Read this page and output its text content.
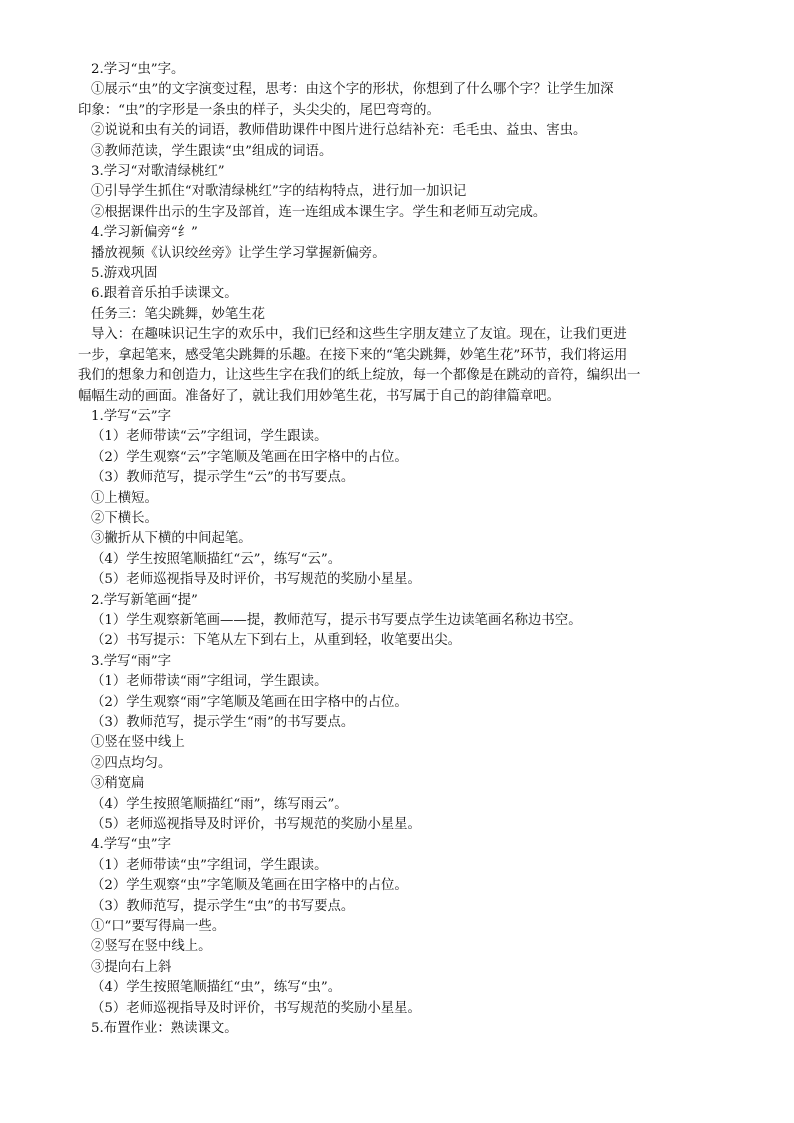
2.学习“虫”字。
①展示“虫”的文字演变过程，思考：由这个字的形状，你想到了什么哪个字？让学生加深
印象：“虫”的字形是一条虫的样子，头尖尖的，尾巴弯弯的。
②说说和虫有关的词语，教师借助课件中图片进行总结补充：毛毛虫、益虫、害虫。
③教师范读，学生跟读“虫”组成的词语。
3.学习“对歌清绿桃红”
①引导学生抓住“对歌清绿桃红”字的结构特点，进行加一加识记
②根据课件出示的生字及部首，连一连组成本课生字。学生和老师互动完成。
4.学习新偏旁“纟”
播放视频《认识绞丝旁》让学生学习掌握新偏旁。
5.游戏巩固
6.跟着音乐拍手读课文。
任务三：笔尖跳舞，妙笔生花
导入：在趣味识记生字的欢乐中，我们已经和这些生字朋友建立了友谊。现在，让我们更进
一步，拿起笔来，感受笔尖跳舞的乐趣。在接下来的“笔尖跳舞，妙笔生花”环节，我们将运用
我们的想象力和创造力，让这些生字在我们的纸上绽放，每一个都像是在跳动的音符，编织出一
幅幅生动的画面。准备好了，就让我们用妙笔生花，书写属于自己的韵律篇章吧。
1.学写“云”字
（1）老师带读“云”字组词，学生跟读。
（2）学生观察“云”字笔顺及笔画在田字格中的占位。
（3）教师范写，提示学生“云”的书写要点。
①上横短。
②下横长。
③撇折从下横的中间起笔。
（4）学生按照笔顺描红“云”，练写“云”。
（5）老师巡视指导及时评价，书写规范的奖励小星星。
2.学写新笔画“提”
（1）学生观察新笔画——提，教师范写，提示书写要点学生边读笔画名称边书空。
（2）书写提示：下笔从左下到右上，从重到轻，收笔要出尖。
3.学写“雨”字
（1）老师带读“雨”字组词，学生跟读。
（2）学生观察“雨”字笔顺及笔画在田字格中的占位。
（3）教师范写，提示学生“雨”的书写要点。
①竖在竖中线上
②四点均匀。
③稍宽扁
（4）学生按照笔顺描红“雨”，练写雨云”。
（5）老师巡视指导及时评价，书写规范的奖励小星星。
4.学写“虫”字
（1）老师带读“虫”字组词，学生跟读。
（2）学生观察“虫”字笔顺及笔画在田字格中的占位。
（3）教师范写，提示学生“虫”的书写要点。
①“口”要写得扁一些。
②竖写在竖中线上。
③提向右上斜
（4）学生按照笔顺描红“虫”，练写“虫”。
（5）老师巡视指导及时评价，书写规范的奖励小星星。
5.布置作业：熟读课文。
